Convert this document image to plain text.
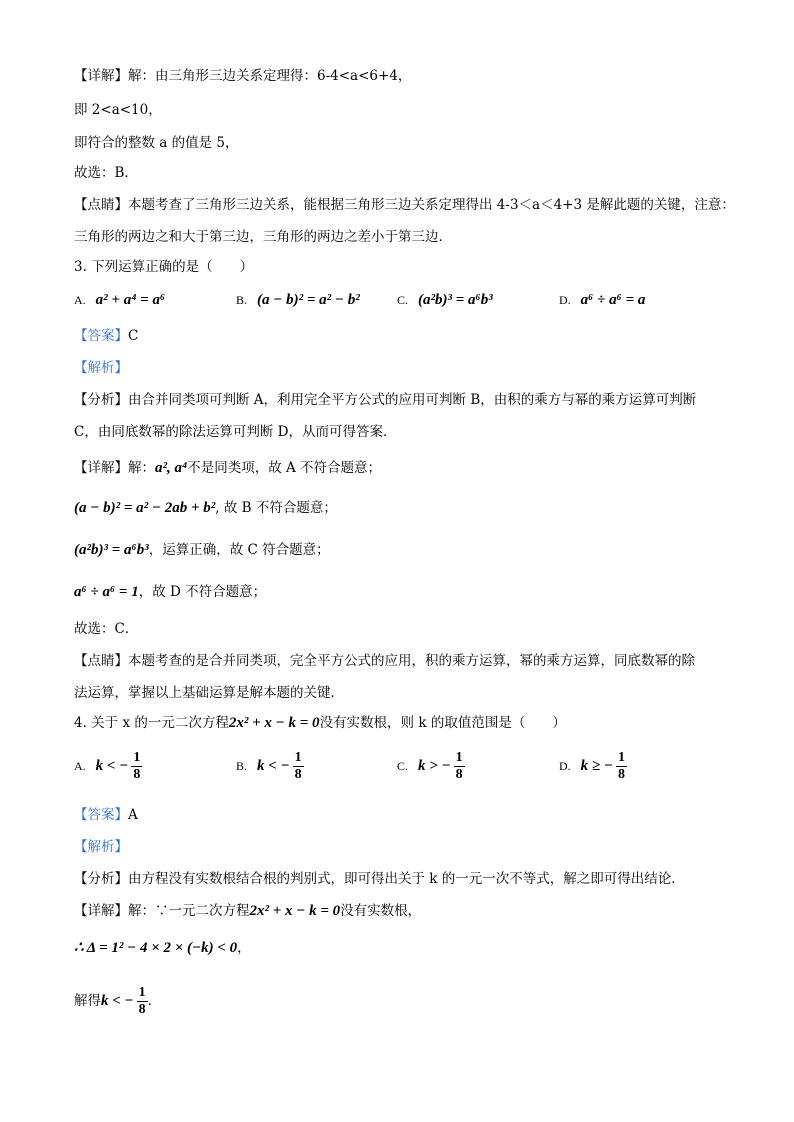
【详解】解：由三角形三边关系定理得：6-4<a<6+4，
即 2<a<10，
即符合的整数 a 的值是 5，
故选：B．
【点睛】本题考查了三角形三边关系，能根据三角形三边关系定理得出 4-3＜a＜4+3 是解此题的关键，注意：
三角形的两边之和大于第三边，三角形的两边之差小于第三边．
3. 下列运算正确的是（　　）
A. a² + a⁴ = a⁶	B. (a − b)² = a² − b²	C. (a²b)³ = a⁶b³	D. a⁶ ÷ a⁶ = a
【答案】C
【解析】
【分析】由合并同类项可判断 A，利用完全平方公式的应用可判断 B，由积的乘方与幂的乘方运算可判断
C，由同底数幂的除法运算可判断 D，从而可得答案．
【详解】解：a², a⁴不是同类项，故 A 不符合题意；
(a − b)² = a² − 2ab + b², 故 B 不符合题意；
(a²b)³ = a⁶b³，运算正确，故 C 符合题意；
a⁶ ÷ a⁶ = 1，故 D 不符合题意；
故选：C．
【点睛】本题考查的是合并同类项，完全平方公式的应用，积的乘方运算，幂的乘方运算，同底数幂的除
法运算，掌握以上基础运算是解本题的关键．
4. 关于 x 的一元二次方程2x² + x − k = 0没有实数根，则 k 的取值范围是（　　）
A. k < − $\frac{1}{8}$	B. k < − $\frac{1}{8}$	C. k > − $\frac{1}{8}$	D. k ≥ − $\frac{1}{8}$
【答案】A
【解析】
【分析】由方程没有实数根结合根的判别式，即可得出关于 k 的一元一次不等式，解之即可得出结论．
【详解】解：∵一元二次方程2x² + x − k = 0没有实数根，
∴ Δ = 1² − 4 × 2 × (−k) < 0，
解得k < − $\frac{1}{8}$ ．
